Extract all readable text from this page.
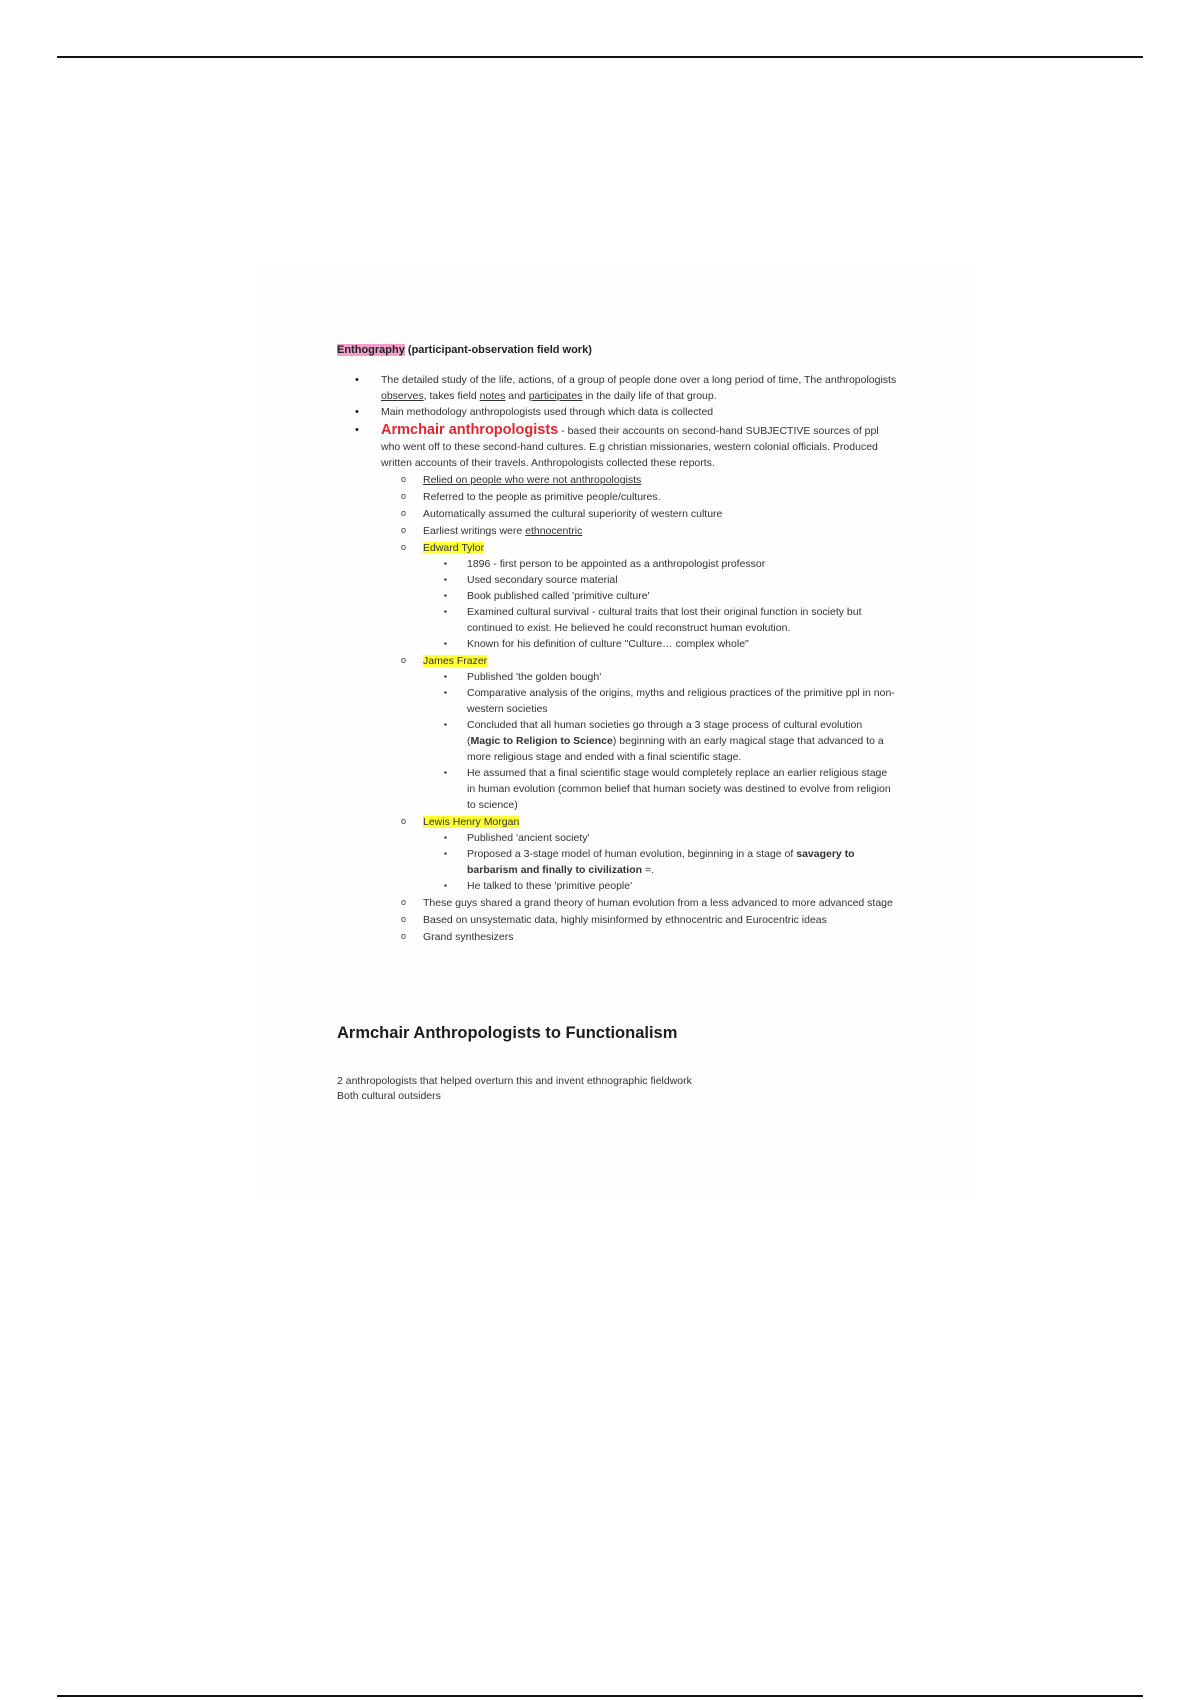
Enthography (participant-observation field work)

• The detailed study of the life, actions, of a group of people done over a long period of time, The anthropologists observes, takes field notes and participates in the daily life of that group.
• Main methodology anthropologists used through which data is collected
• Armchair anthropologists - based their accounts on second-hand SUBJECTIVE sources of ppl who went off to these second-hand cultures. E.g christian missionaries, western colonial officials. Produced written accounts of their travels. Anthropologists collected these reports.
o Relied on people who were not anthropologists
o Referred to the people as primitive people/cultures.
o Automatically assumed the cultural superiority of western culture
o Earliest writings were ethnocentric
o Edward Tylor
▪ 1896 - first person to be appointed as a anthropologist professor
▪ Used secondary source material
▪ Book published called 'primitive culture'
▪ Examined cultural survival - cultural traits that lost their original function in society but continued to exist. He believed he could reconstruct human evolution.
▪ Known for his definition of culture "Culture… complex whole"
o James Frazer
▪ Published 'the golden bough'
▪ Comparative analysis of the origins, myths and religious practices of the primitive ppl in non-western societies
▪ Concluded that all human societies go through a 3 stage process of cultural evolution (Magic to Religion to Science) beginning with an early magical stage that advanced to a more religious stage and ended with a final scientific stage.
▪ He assumed that a final scientific stage would completely replace an earlier religious stage in human evolution (common belief that human society was destined to evolve from religion to science)
o Lewis Henry Morgan
▪ Published 'ancient society'
▪ Proposed a 3-stage model of human evolution, beginning in a stage of savagery to barbarism and finally to civilization =.
▪ He talked to these 'primitive people'
o These guys shared a grand theory of human evolution from a less advanced to more advanced stage
o Based on unsystematic data, highly misinformed by ethnocentric and Eurocentric ideas
o Grand synthesizers
Armchair Anthropologists to Functionalism
2 anthropologists that helped overturn this and invent ethnographic fieldwork
Both cultural outsiders
